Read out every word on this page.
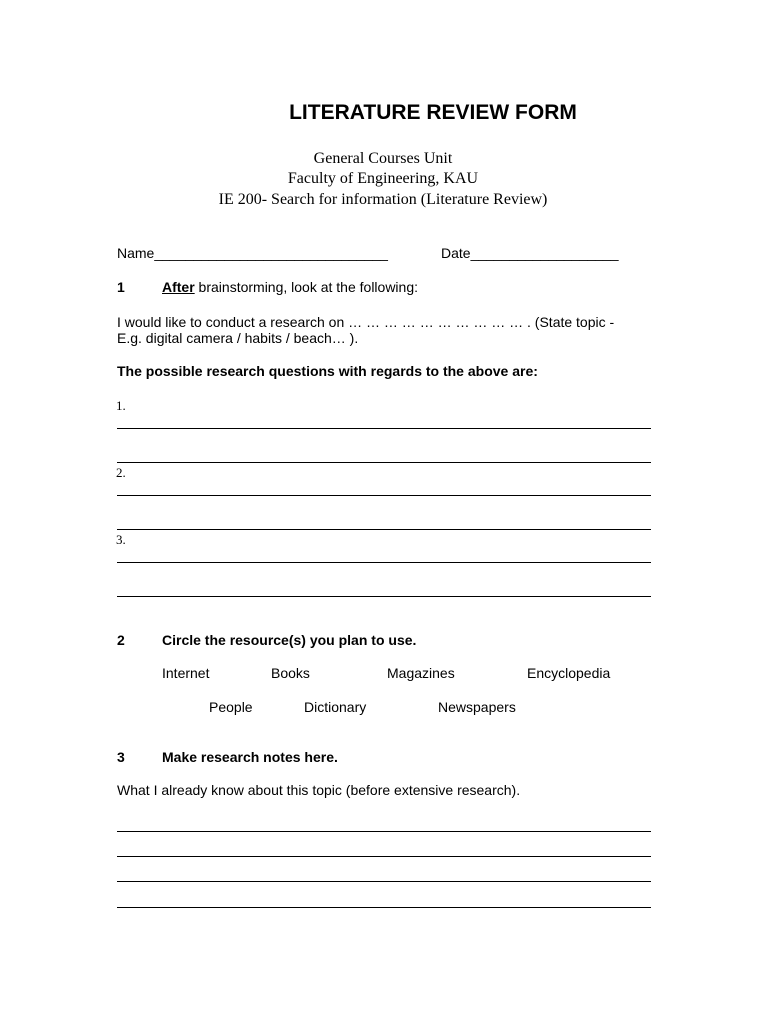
LITERATURE REVIEW FORM
General Courses Unit
Faculty of Engineering, KAU
IE 200- Search for information (Literature Review)
Name______________________________	Date___________________
1	After brainstorming, look at the following:
I would like to conduct a research on … … … … … … … … … … . (State topic -
E.g. digital camera / habits / beach… ).
The possible research questions with regards to the above are:
1.
2.
3.
2	Circle the resource(s) you plan to use.
Internet	Books	Magazines	Encyclopedia
People	Dictionary	Newspapers
3	Make research notes here.
What I already know about this topic (before extensive research).
